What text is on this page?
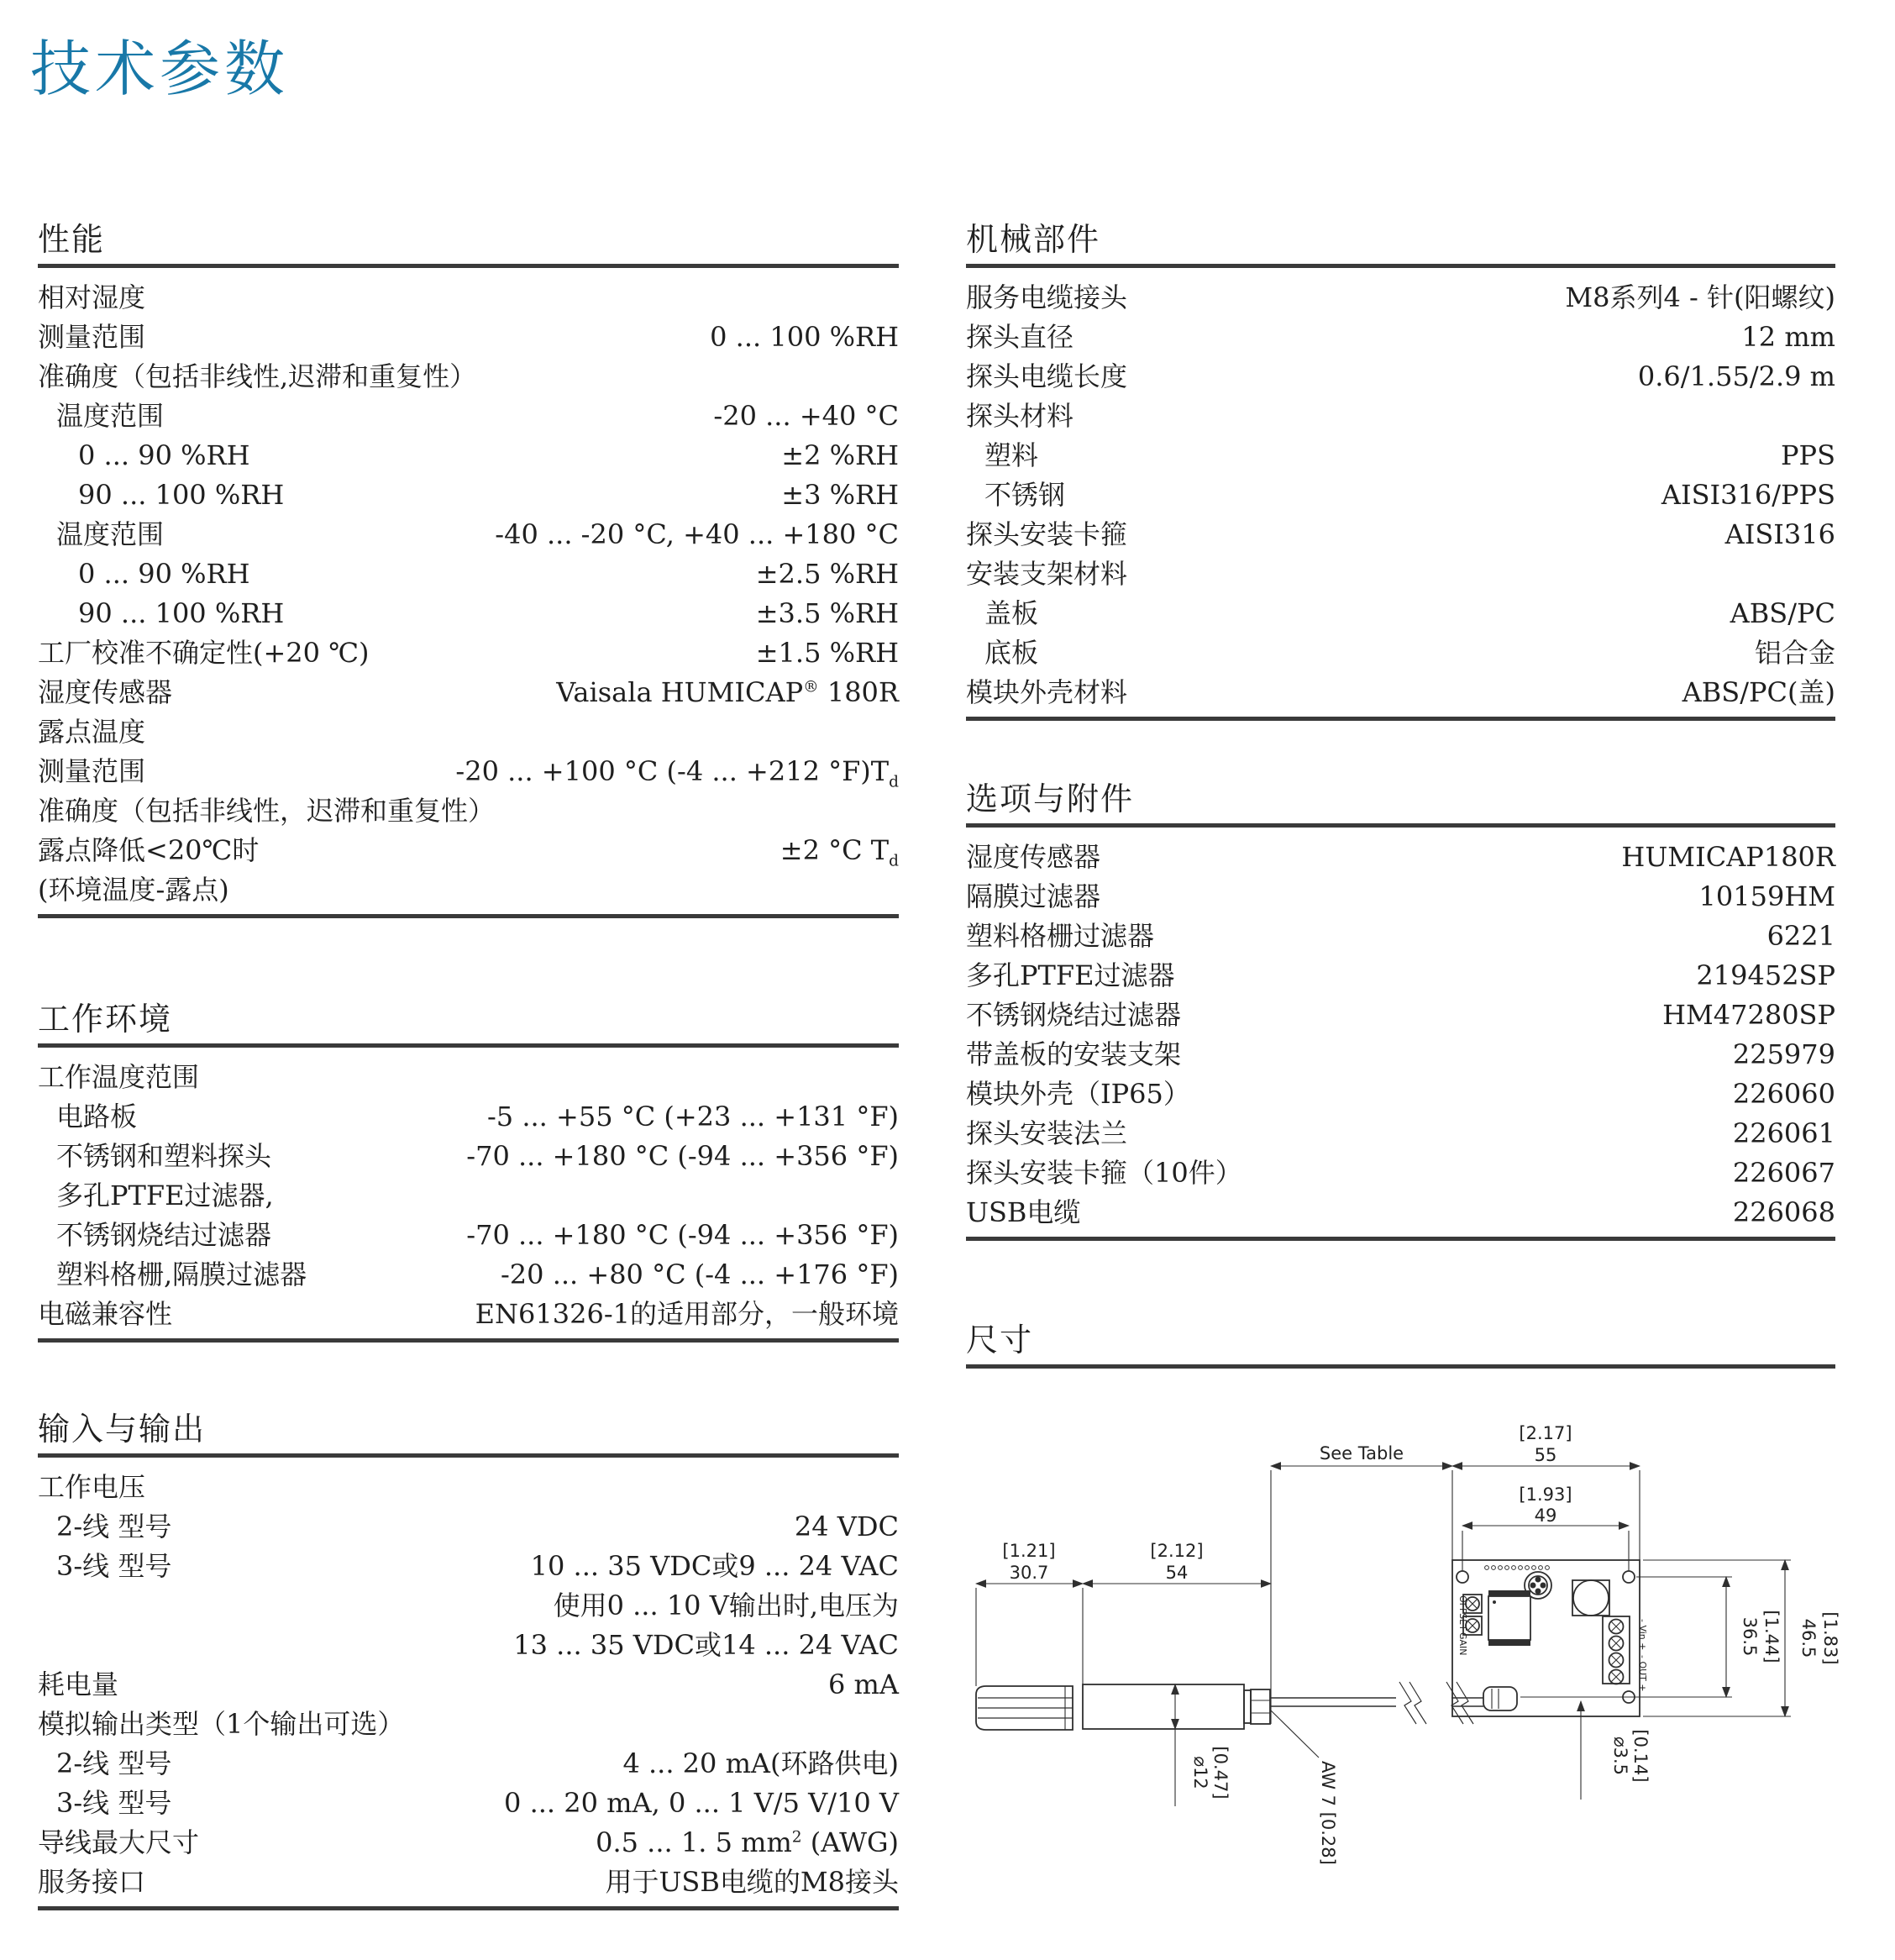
技术参数
性能
相对湿度
测量范围	0 ... 100 %RH
准确度（包括非线性,迟滞和重复性）
温度范围	-20 ... +40 °C
0 ... 90 %RH	±2 %RH
90 ... 100 %RH	±3 %RH
温度范围	-40 ... -20 °C, +40 ... +180 °C
0 ... 90 %RH	±2.5 %RH
90 ... 100 %RH	±3.5 %RH
工厂校准不确定性(+20 ℃)	±1.5 %RH
湿度传感器	Vaisala HUMICAP® 180R
露点温度
测量范围	-20 ... +100 °C (-4 ... +212 $^\circ F)T_d$
准确度（包括非线性，迟滞和重复性）
露点降低<20℃时	±2 °C $T_d$
(环境温度-露点)
工作环境
工作温度范围
电路板	-5 ... +55 °C (+23 ... +131 °F)
不锈钢和塑料探头	-70 ... +180 °C (-94 ... +356 °F)
多孔PTFE过滤器,
不锈钢烧结过滤器	-70 ... +180 °C (-94 ... +356 °F)
塑料格栅,隔膜过滤器	-20 ... +80 °C (-4 ... +176 °F)
电磁兼容性	EN61326-1的适用部分，一般环境
输入与输出
工作电压
2-线 型号	24 VDC
3-线 型号	10 ... 35 VDC或9 ... 24 VAC
使用0 ... 10 V输出时,电压为
13 ... 35 VDC或14 ... 24 VAC
耗电量	6 mA
模拟输出类型（1个输出可选）
2-线 型号	4 ... 20 mA(环路供电)
3-线 型号	0 ... 20 mA, 0 ... 1 V/5 V/10 V
导线最大尺寸	0.5 ... 1. 5 $mm^2$ (AWG)
服务接口	用于USB电缆的M8接头
机械部件
服务电缆接头	M8系列4 - 针(阳螺纹)
探头直径	12 mm
探头电缆长度	0.6/1.55/2.9 m
探头材料
塑料	PPS
不锈钢	AISI316/PPS
探头安装卡箍	AISI316
安装支架材料
盖板	ABS/PC
底板	铝合金
模块外壳材料	ABS/PC(盖)
选项与附件
湿度传感器	HUMICAP180R
隔膜过滤器	10159HM
塑料格栅过滤器	6221
多孔PTFE过滤器	219452SP
不锈钢烧结过滤器	HM47280SP
带盖板的安装支架	225979
模块外壳（IP65）	226060
探头安装法兰	226061
探头安装卡箍（10件）	226067
USB电缆	226068
尺寸
See Table
[2.17]
55
[1.93]
49
[1.21]
30.7
[2.12]
54
[1.44]
36.5	[1.83]
46.5
[0.47]
⌀12	[0.14]
⌀3.5
AW 7 [0.28]
OFFSET
GAIN	- Vin +
- OUT +
